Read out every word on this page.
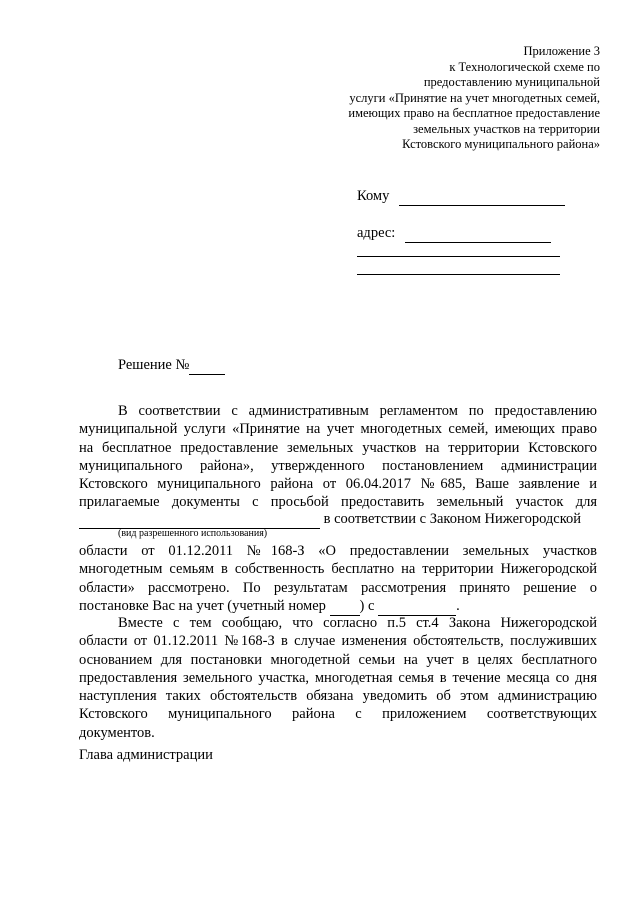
Приложение 3
к Технологической схеме по
предоставлению муниципальной
услуги «Принятие на учет многодетных семей,
имеющих право на бесплатное предоставление
земельных участков на территории
Кстовского муниципального района»
Кому
адрес:
Решение №
В соответствии с административным регламентом по предоставлению
муниципальной услуги «Принятие на учет многодетных семей, имеющих право
на бесплатное предоставление земельных участков на территории Кстовского
муниципального района», утвержденного постановлением администрации
Кстовского муниципального района от 06.04.2017 №685, Ваше заявление и
прилагаемые документы с просьбой предоставить земельный участок для
в соответствии с Законом Нижегородской
(вид разрешенного использования)
области от 01.12.2011 №168-З «О предоставлении земельных участков
многодетным семьям в собственность бесплатно на территории Нижегородской
области» рассмотрено. По результатам рассмотрения принято решение о
постановке Вас на учет (учетный номер ) с	.
Вместе с тем сообщаю, что согласно п.5 ст.4 Закона Нижегородской
области от 01.12.2011 №168-З в случае изменения обстоятельств, послуживших
основанием для постановки многодетной семьи на учет в целях бесплатного
предоставления земельного участка, многодетная семья в течение месяца со дня
наступления таких обстоятельств обязана уведомить об этом администрацию
Кстовского муниципального района с приложением соответствующих
документов.
Глава администрации
